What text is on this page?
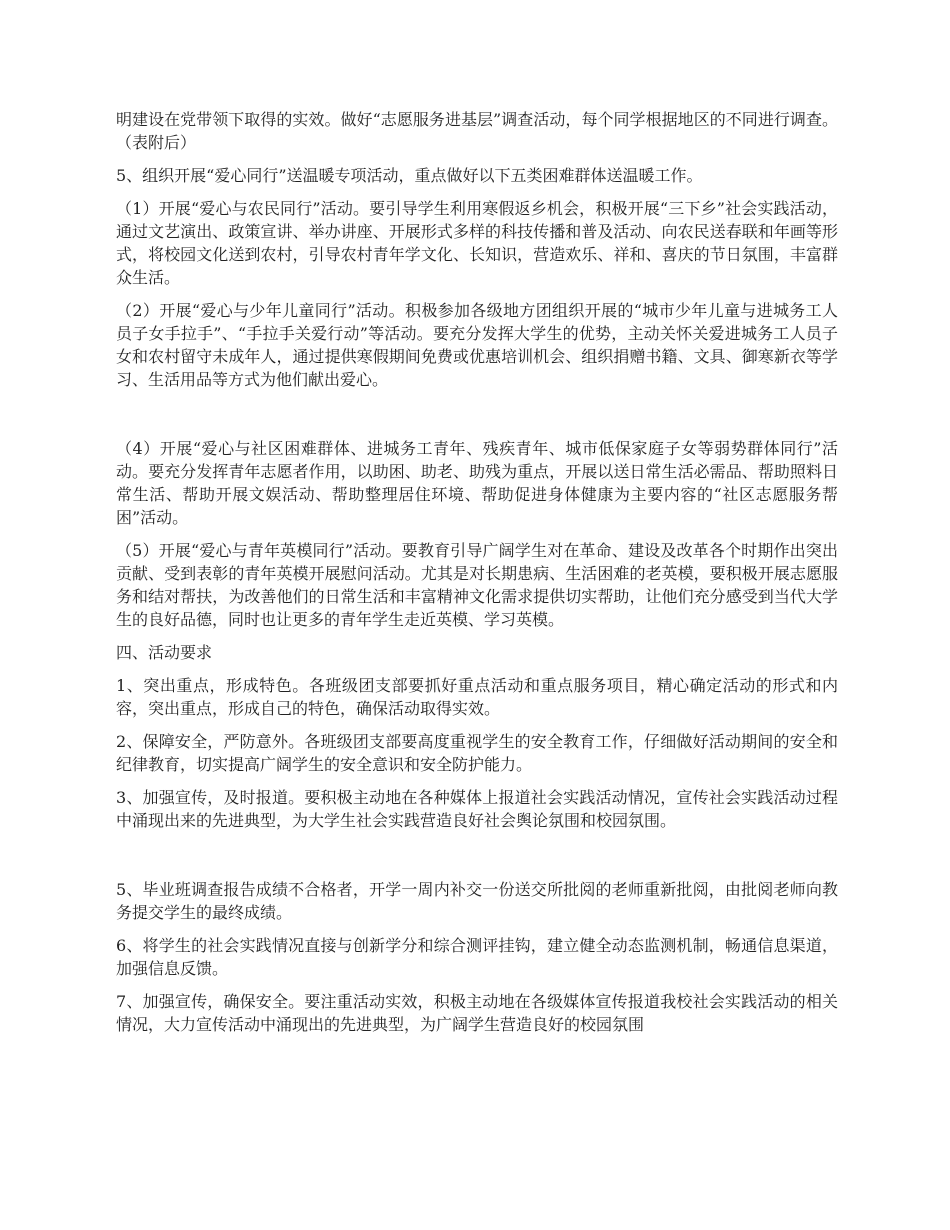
明建设在党带领下取得的实效。做好“志愿服务进基层”调查活动，每个同学根据地区的不同进行调查。（表附后）

5、组织开展“爱心同行”送温暖专项活动，重点做好以下五类困难群体送温暖工作。

（1）开展“爱心与农民同行”活动。要引导学生利用寒假返乡机会，积极开展“三下乡”社会实践活动，通过文艺演出、政策宣讲、举办讲座、开展形式多样的科技传播和普及活动、向农民送春联和年画等形式，将校园文化送到农村，引导农村青年学文化、长知识，营造欢乐、祥和、喜庆的节日氛围，丰富群众生活。

（2）开展“爱心与少年儿童同行”活动。积极参加各级地方团组织开展的“城市少年儿童与进城务工人员子女手拉手”、“手拉手关爱行动”等活动。要充分发挥大学生的优势，主动关怀关爱进城务工人员子女和农村留守未成年人，通过提供寒假期间免费或优惠培训机会、组织捐赠书籍、文具、御寒新衣等学习、生活用品等方式为他们献出爱心。

（4）开展“爱心与社区困难群体、进城务工青年、残疾青年、城市低保家庭子女等弱势群体同行”活动。要充分发挥青年志愿者作用，以助困、助老、助残为重点，开展以送日常生活必需品、帮助照料日常生活、帮助开展文娱活动、帮助整理居住环境、帮助促进身体健康为主要内容的“社区志愿服务帮困”活动。

（5）开展“爱心与青年英模同行”活动。要教育引导广阔学生对在革命、建设及改革各个时期作出突出贡献、受到表彰的青年英模开展慰问活动。尤其是对长期患病、生活困难的老英模，要积极开展志愿服务和结对帮扶，为改善他们的日常生活和丰富精神文化需求提供切实帮助，让他们充分感受到当代大学生的良好品德，同时也让更多的青年学生走近英模、学习英模。

四、活动要求

1、突出重点，形成特色。各班级团支部要抓好重点活动和重点服务项目，精心确定活动的形式和内容，突出重点，形成自己的特色，确保活动取得实效。

2、保障安全，严防意外。各班级团支部要高度重视学生的安全教育工作，仔细做好活动期间的安全和纪律教育，切实提高广阔学生的安全意识和安全防护能力。

3、加强宣传，及时报道。要积极主动地在各种媒体上报道社会实践活动情况，宣传社会实践活动过程中涌现出来的先进典型，为大学生社会实践营造良好社会舆论氛围和校园氛围。

5、毕业班调查报告成绩不合格者，开学一周内补交一份送交所批阅的老师重新批阅，由批阅老师向教务提交学生的最终成绩。

6、将学生的社会实践情况直接与创新学分和综合测评挂钩，建立健全动态监测机制，畅通信息渠道，加强信息反馈。

7、加强宣传，确保安全。要注重活动实效，积极主动地在各级媒体宣传报道我校社会实践活动的相关情况，大力宣传活动中涌现出的先进典型，为广阔学生营造良好的校园氛围
